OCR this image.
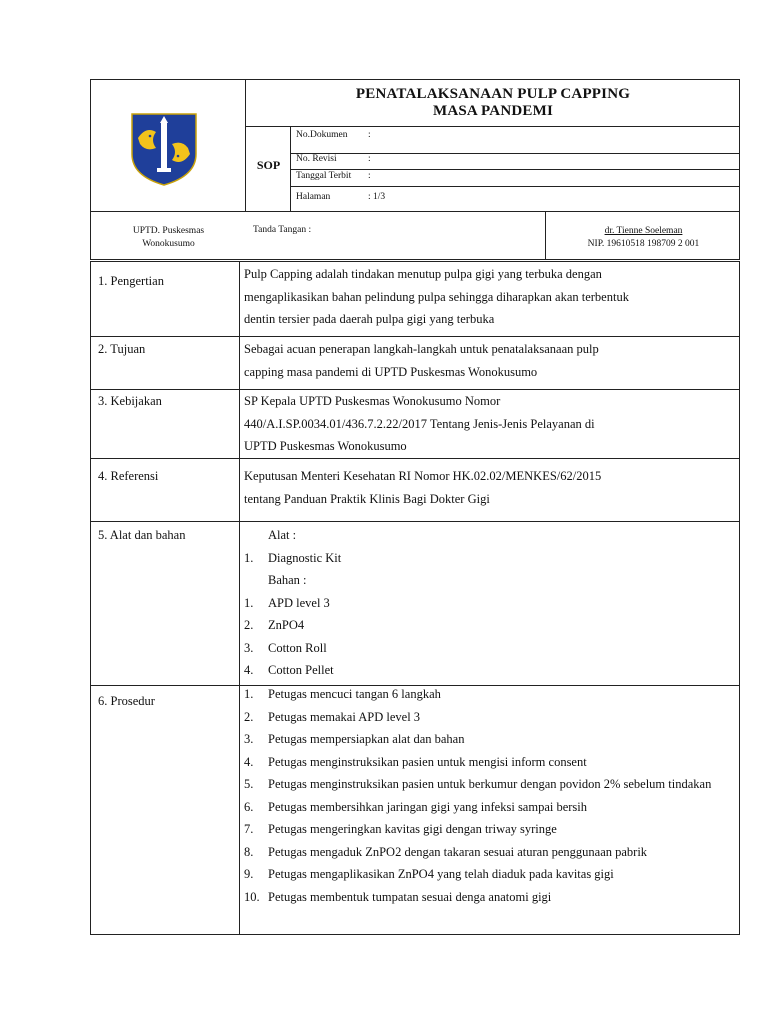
PENATALAKSANAAN PULP CAPPING
MASA PANDEMI
SOP
No.Dokumen :
No. Revisi	:
Tanggal Terbit :
Halaman	: 1/3
UPTD. Puskesmas
Wonokusumo
Tanda Tangan :	dr. Tienne Soeleman
NIP. 19610518 198709 2 001
1. Pengertian	Pulp Capping adalah tindakan menutup pulpa gigi yang terbuka dengan

mengaplikasikan bahan pelindung pulpa sehingga diharapkan akan terbentuk

dentin tersier pada daerah pulpa gigi yang terbuka

2. Tujuan	Sebagai acuan penerapan langkah-langkah untuk penatalaksanaan pulp

capping masa pandemi di UPTD Puskesmas Wonokusumo

3. Kebijakan	SP Kepala UPTD Puskesmas Wonokusumo Nomor

440/A.I.SP.0034.01/436.7.2.22/2017 Tentang Jenis-Jenis Pelayanan di

UPTD Puskesmas Wonokusumo

4. Referensi	Keputusan Menteri Kesehatan RI Nomor HK.02.02/MENKES/62/2015

tentang Panduan Praktik Klinis Bagi Dokter Gigi

5. Alat dan bahan	Alat :
1. Diagnostic Kit
Bahan :
1. APD level 3
2. ZnPO4
3. Cotton Roll
4. Cotton Pellet
6. Prosedur	1. Petugas mencuci tangan 6 langkah
2. Petugas memakai APD level 3
3. Petugas mempersiapkan alat dan bahan
4. Petugas menginstruksikan pasien untuk mengisi inform consent
5. Petugas menginstruksikan pasien untuk berkumur dengan povidon 2% sebelum tindakan
6. Petugas membersihkan jaringan gigi yang infeksi sampai bersih
7. Petugas mengeringkan kavitas gigi dengan triway syringe
8. Petugas mengaduk ZnPO2 dengan takaran sesuai aturan penggunaan pabrik
9. Petugas mengaplikasikan ZnPO4 yang telah diaduk pada kavitas gigi
10. Petugas membentuk tumpatan sesuai denga anatomi gigi
